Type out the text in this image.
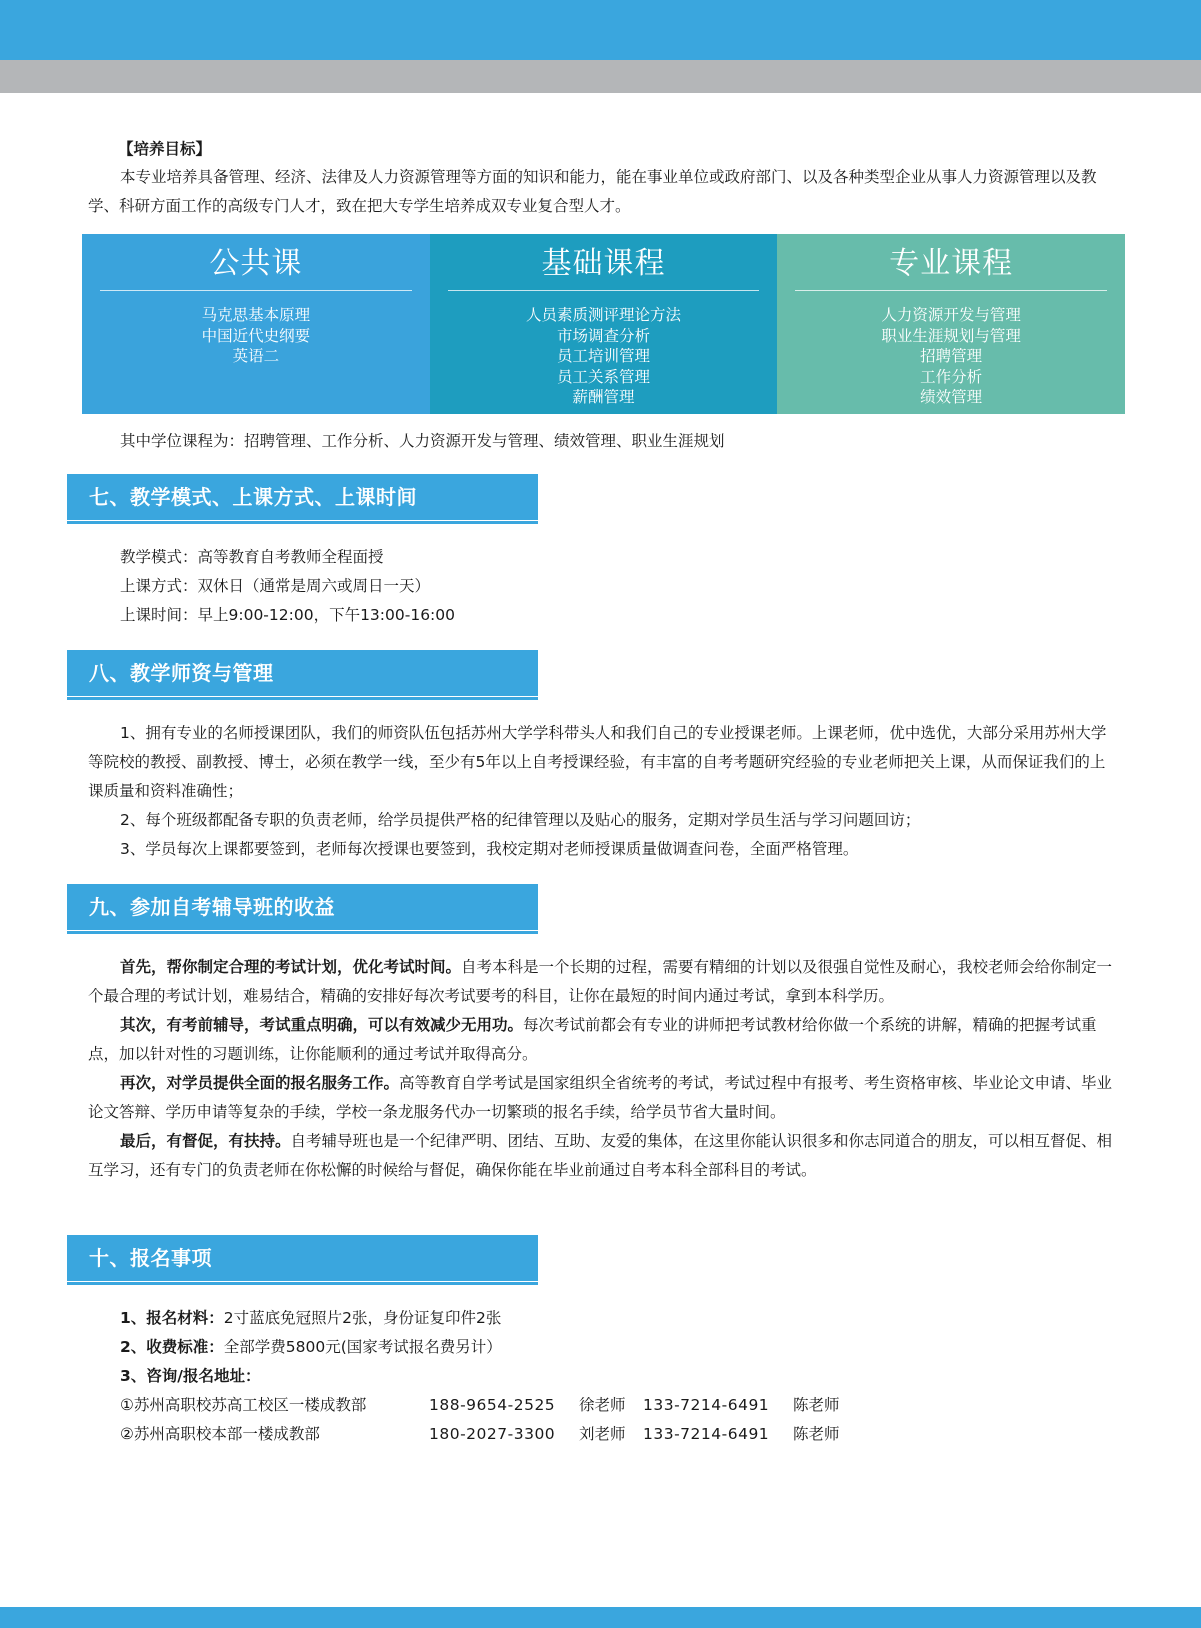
【培养目标】
本专业培养具备管理、经济、法律及人力资源管理等方面的知识和能力，能在事业单位或政府部门、以及各种类型企业从事人力资源管理以及教学、科研方面工作的高级专门人才，致在把大专学生培养成双专业复合型人才。
公共课
马克思基本原理
中国近代史纲要
英语二
基础课程
人员素质测评理论方法
市场调查分析
员工培训管理
员工关系管理
薪酬管理
专业课程
人力资源开发与管理
职业生涯规划与管理
招聘管理
工作分析
绩效管理
其中学位课程为：招聘管理、工作分析、人力资源开发与管理、绩效管理、职业生涯规划
七、教学模式、上课方式、上课时间

教学模式：高等教育自考教师全程面授

上课方式：双休日（通常是周六或周日一天）

上课时间：早上9:00-12:00，下午13:00-16:00

八、教学师资与管理

1、拥有专业的名师授课团队，我们的师资队伍包括苏州大学学科带头人和我们自己的专业授课老师。上课老师，优中选优，大部分采用苏州大学等院校的教授、副教授、博士，必须在教学一线，至少有5年以上自考授课经验，有丰富的自考考题研究经验的专业老师把关上课，从而保证我们的上课质量和资料准确性；

2、每个班级都配备专职的负责老师，给学员提供严格的纪律管理以及贴心的服务，定期对学员生活与学习问题回访；

3、学员每次上课都要签到，老师每次授课也要签到，我校定期对老师授课质量做调查问卷，全面严格管理。

九、参加自考辅导班的收益

首先，帮你制定合理的考试计划，优化考试时间。自考本科是一个长期的过程，需要有精细的计划以及很强自觉性及耐心，我校老师会给你制定一个最合理的考试计划，难易结合，精确的安排好每次考试要考的科目，让你在最短的时间内通过考试，拿到本科学历。

其次，有考前辅导，考试重点明确，可以有效减少无用功。每次考试前都会有专业的讲师把考试教材给你做一个系统的讲解，精确的把握考试重点，加以针对性的习题训练，让你能顺利的通过考试并取得高分。

再次，对学员提供全面的报名服务工作。高等教育自学考试是国家组织全省统考的考试，考试过程中有报考、考生资格审核、毕业论文申请、毕业论文答辩、学历申请等复杂的手续，学校一条龙服务代办一切繁琐的报名手续，给学员节省大量时间。

最后，有督促，有扶持。自考辅导班也是一个纪律严明、团结、互助、友爱的集体，在这里你能认识很多和你志同道合的朋友，可以相互督促、相互学习，还有专门的负责老师在你松懈的时候给与督促，确保你能在毕业前通过自考本科全部科目的考试。

十、报名事项

1、报名材料：2寸蓝底免冠照片2张，身份证复印件2张

2、收费标准：全部学费5800元(国家考试报名费另计）

3、咨询/报名地址：

①苏州高职校苏高工校区一楼成教部	188-9654-2525	徐老师	133-7214-6491	陈老师

②苏州高职校本部一楼成教部	180-2027-3300	刘老师	133-7214-6491	陈老师
